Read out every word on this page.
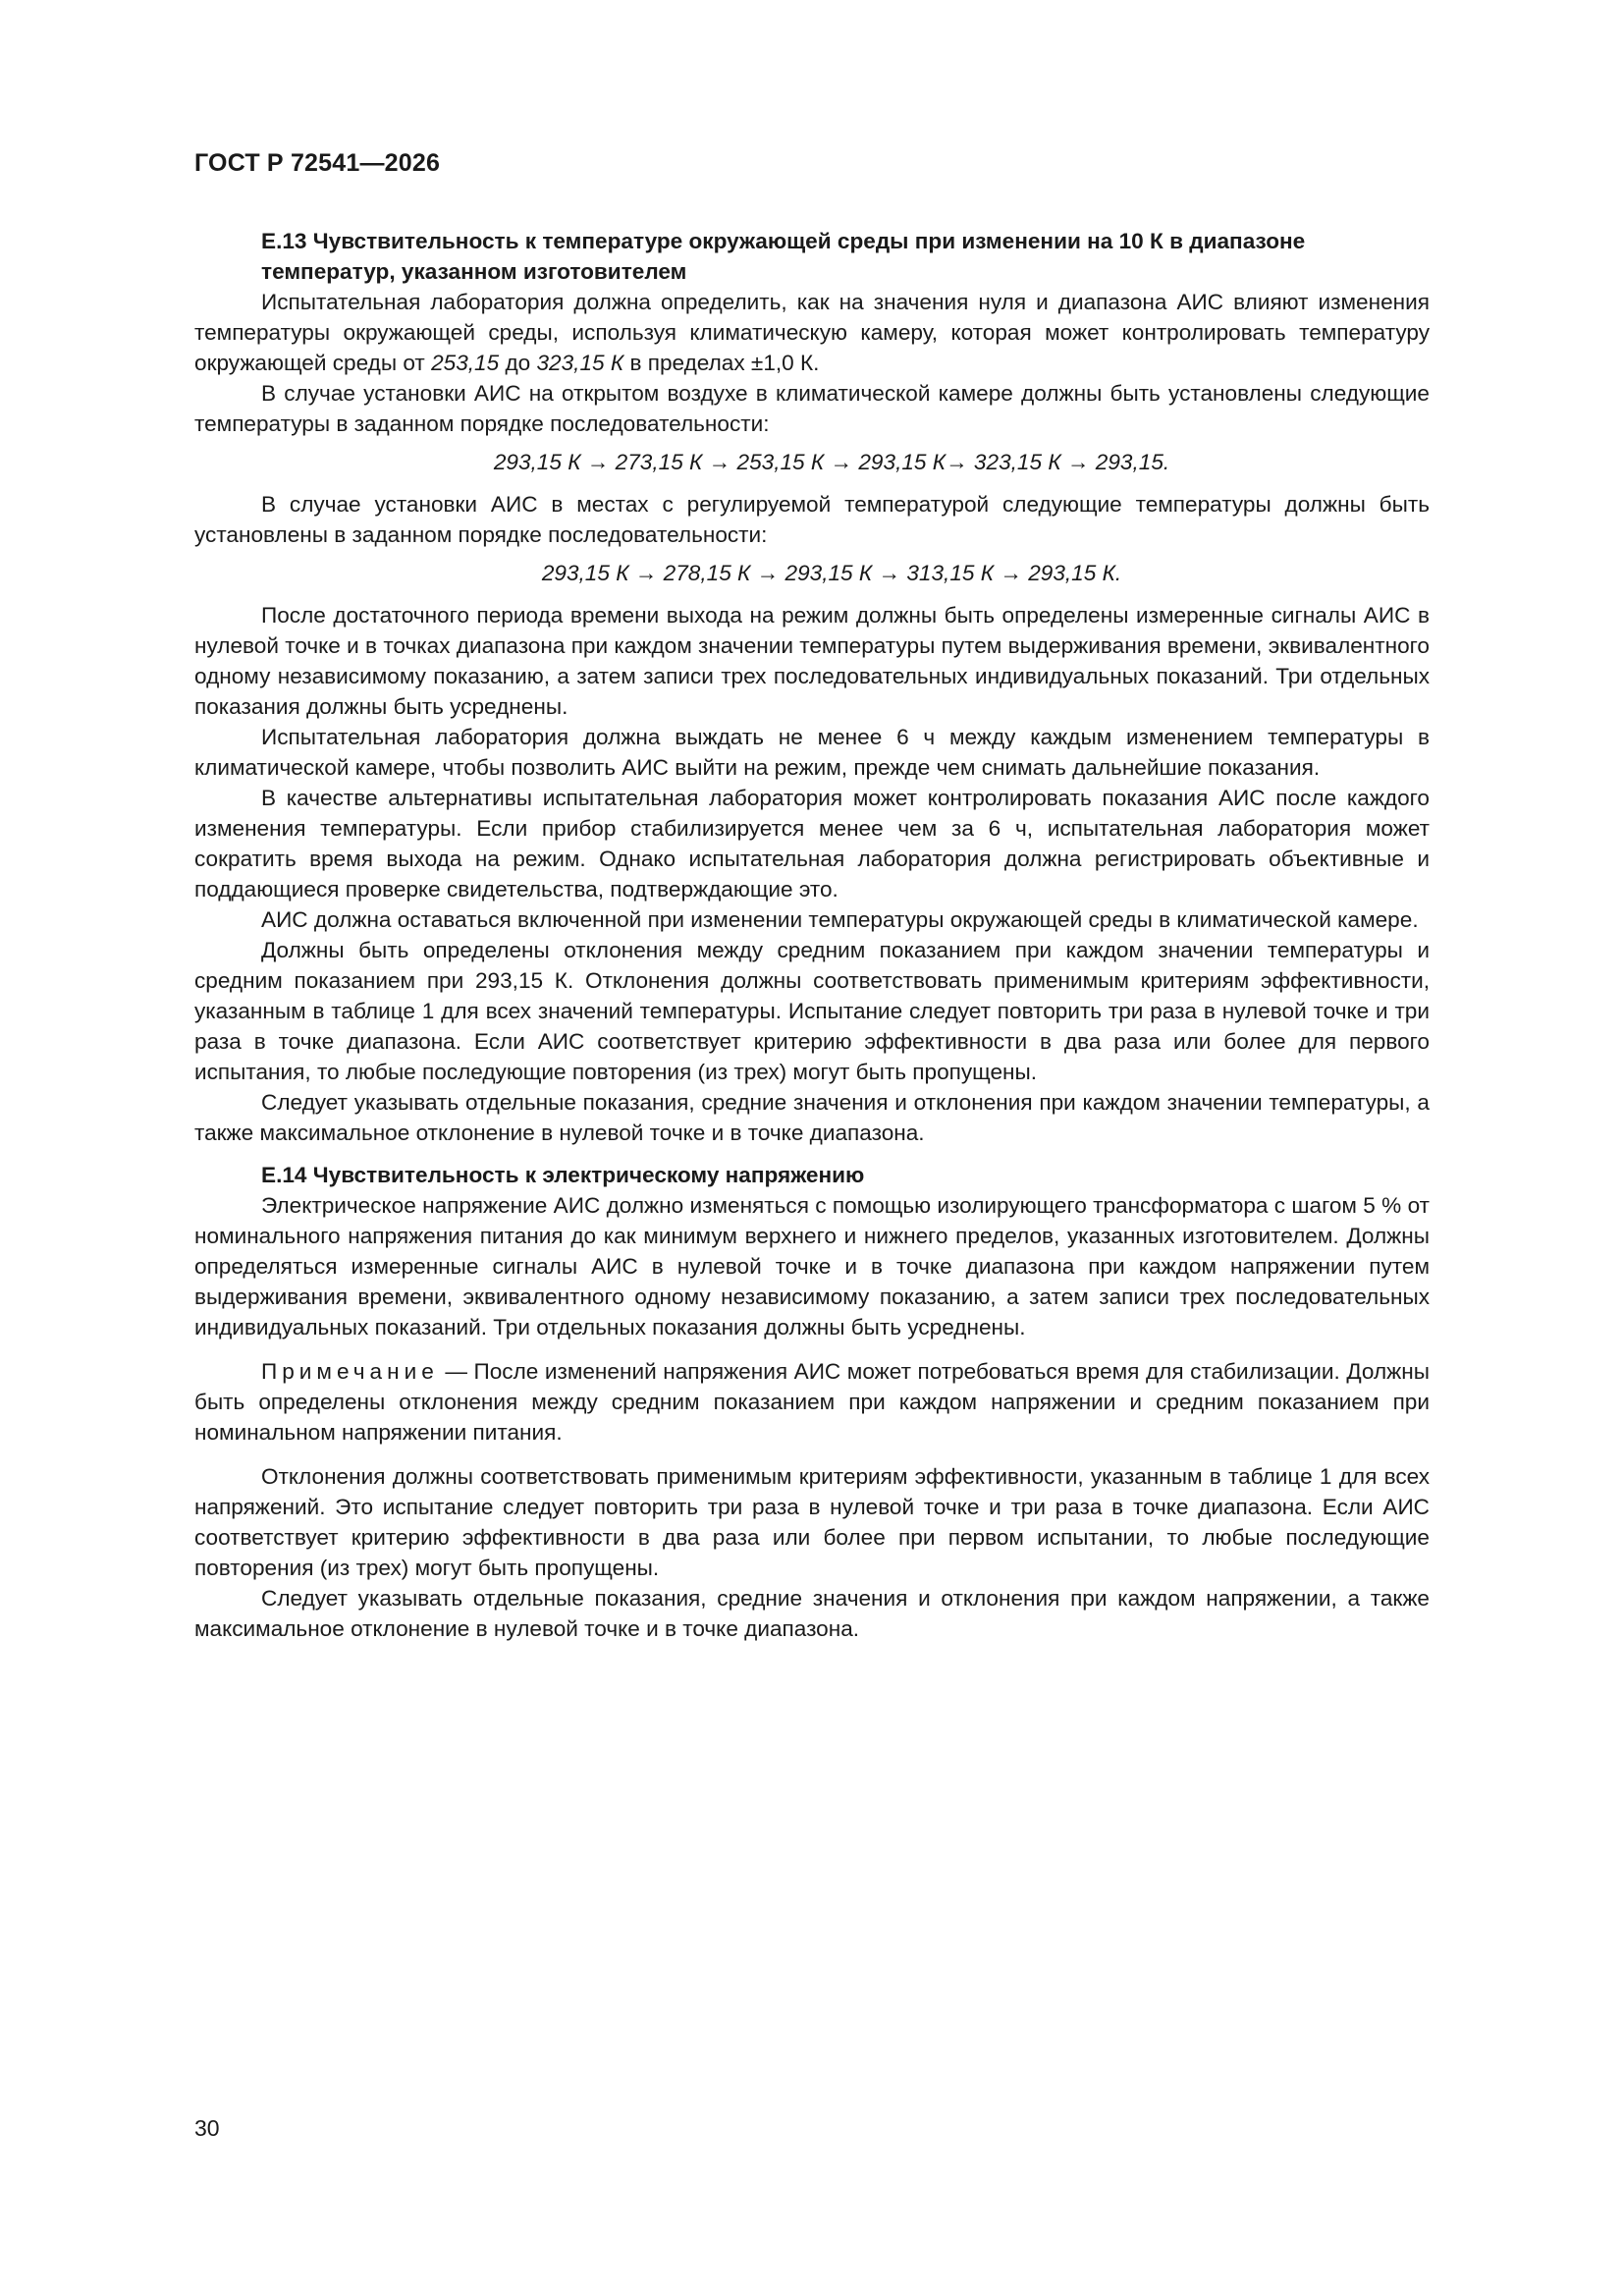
ГОСТ Р 72541—2026

Е.13 Чувствительность к температуре окружающей среды при изменении на 10 К в диапазоне температур, указанном изготовителем

Испытательная лаборатория должна определить, как на значения нуля и диапазона АИС влияют изменения температуры окружающей среды, используя климатическую камеру, которая может контролировать температуру окружающей среды от 253,15 до 323,15 К в пределах ±1,0 К.

В случае установки АИС на открытом воздухе в климатической камере должны быть установлены следующие температуры в заданном порядке последовательности:

293,15 К → 273,15 К → 253,15 К → 293,15 К→ 323,15 К → 293,15.

В случае установки АИС в местах с регулируемой температурой следующие температуры должны быть установлены в заданном порядке последовательности:

293,15 К → 278,15 К → 293,15 К → 313,15 К → 293,15 К.

После достаточного периода времени выхода на режим должны быть определены измеренные сигналы АИС в нулевой точке и в точках диапазона при каждом значении температуры путем выдерживания времени, эквивалентного одному независимому показанию, а затем записи трех последовательных индивидуальных показаний. Три отдельных показания должны быть усреднены.

Испытательная лаборатория должна выждать не менее 6 ч между каждым изменением температуры в климатической камере, чтобы позволить АИС выйти на режим, прежде чем снимать дальнейшие показания.

В качестве альтернативы испытательная лаборатория может контролировать показания АИС после каждого изменения температуры. Если прибор стабилизируется менее чем за 6 ч, испытательная лаборатория может сократить время выхода на режим. Однако испытательная лаборатория должна регистрировать объективные и поддающиеся проверке свидетельства, подтверждающие это.

АИС должна оставаться включенной при изменении температуры окружающей среды в климатической камере.

Должны быть определены отклонения между средним показанием при каждом значении температуры и средним показанием при 293,15 К. Отклонения должны соответствовать применимым критериям эффективности, указанным в таблице 1 для всех значений температуры. Испытание следует повторить три раза в нулевой точке и три раза в точке диапазона. Если АИС соответствует критерию эффективности в два раза или более для первого испытания, то любые последующие повторения (из трех) могут быть пропущены.

Следует указывать отдельные показания, средние значения и отклонения при каждом значении температуры, а также максимальное отклонение в нулевой точке и в точке диапазона.

Е.14 Чувствительность к электрическому напряжению

Электрическое напряжение АИС должно изменяться с помощью изолирующего трансформатора с шагом 5 % от номинального напряжения питания до как минимум верхнего и нижнего пределов, указанных изготовителем. Должны определяться измеренные сигналы АИС в нулевой точке и в точке диапазона при каждом напряжении путем выдерживания времени, эквивалентного одному независимому показанию, а затем записи трех последовательных индивидуальных показаний. Три отдельных показания должны быть усреднены.

Примечание — После изменений напряжения АИС может потребоваться время для стабилизации. Должны быть определены отклонения между средним показанием при каждом напряжении и средним показанием при номинальном напряжении питания.

Отклонения должны соответствовать применимым критериям эффективности, указанным в таблице 1 для всех напряжений. Это испытание следует повторить три раза в нулевой точке и три раза в точке диапазона. Если АИС соответствует критерию эффективности в два раза или более при первом испытании, то любые последующие повторения (из трех) могут быть пропущены.

Следует указывать отдельные показания, средние значения и отклонения при каждом напряжении, а также максимальное отклонение в нулевой точке и в точке диапазона.

30
